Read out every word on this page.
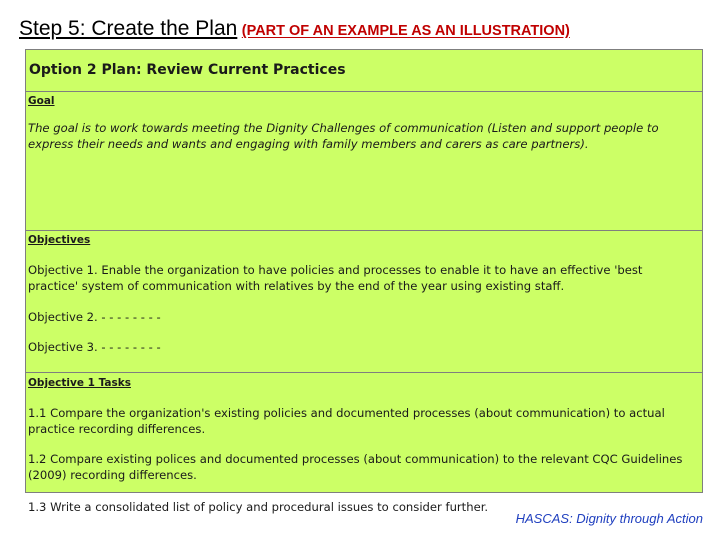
Step 5: Create the Plan (PART OF AN EXAMPLE AS AN ILLUSTRATION)
Option 2 Plan: Review Current Practices
Goal
The goal is to work towards meeting the Dignity Challenges of communication (Listen and support people to
express their needs and wants and engaging with family members and carers as care partners).
Objectives
Objective 1. Enable the organization to have policies and processes to enable it to have an effective 'best
practice' system of communication with relatives by the end of the year using existing staff.
Objective 2. - - - - - - - -
Objective 3. - - - - - - - -
Objective 1 Tasks
1.1 Compare the organization's existing policies and documented processes (about communication) to actual
practice recording differences.
1.2 Compare existing polices and documented processes (about communication) to the relevant CQC Guidelines
(2009) recording differences.
1.3 Write a consolidated list of policy and procedural issues to consider further.
HASCAS: Dignity through Action
